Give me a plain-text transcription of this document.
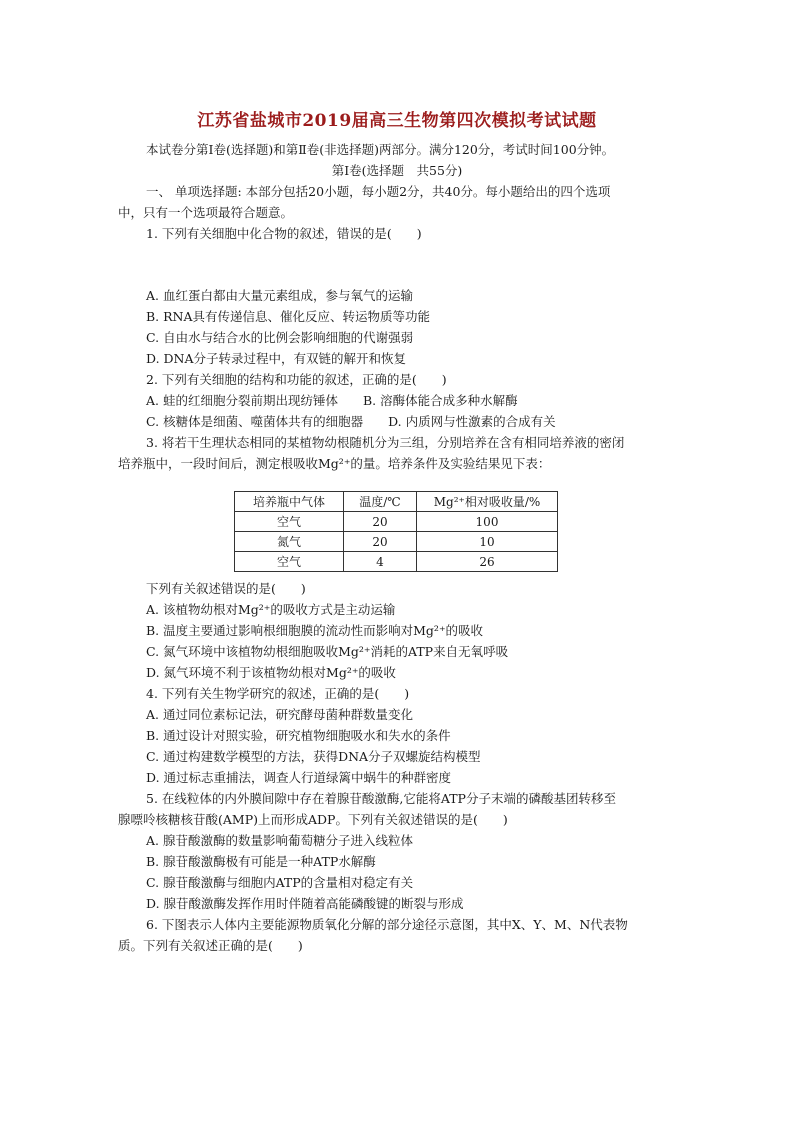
江苏省盐城市2019届高三生物第四次模拟考试试题
本试卷分第Ⅰ卷(选择题)和第Ⅱ卷(非选择题)两部分。满分120分，考试时间100分钟。
第Ⅰ卷(选择题　共55分)
一、 单项选择题: 本部分包括20小题，每小题2分，共40分。每小题给出的四个选项
中，只有一个选项最符合题意。
1. 下列有关细胞中化合物的叙述，错误的是(　　)
A. 血红蛋白都由大量元素组成，参与氧气的运输
B. RNA具有传递信息、催化反应、转运物质等功能
C. 自由水与结合水的比例会影响细胞的代谢强弱
D. DNA分子转录过程中，有双链的解开和恢复
2. 下列有关细胞的结构和功能的叙述，正确的是(　　)
A. 蛙的红细胞分裂前期出现纺锤体　　B. 溶酶体能合成多种水解酶
C. 核糖体是细菌、噬菌体共有的细胞器　　D. 内质网与性激素的合成有关
3. 将若干生理状态相同的某植物幼根随机分为三组，分别培养在含有相同培养液的密闭
培养瓶中，一段时间后，测定根吸收Mg²⁺的量。培养条件及实验结果见下表：
培养瓶中气体	温度/℃	Mg²⁺相对吸收量/%
空气	20	100
氮气	20	10
空气	4	26
下列有关叙述错误的是(　　)
A. 该植物幼根对Mg²⁺的吸收方式是主动运输
B. 温度主要通过影响根细胞膜的流动性而影响对Mg²⁺的吸收
C. 氮气环境中该植物幼根细胞吸收Mg²⁺消耗的ATP来自无氧呼吸
D. 氮气环境不利于该植物幼根对Mg²⁺的吸收
4. 下列有关生物学研究的叙述，正确的是(　　)
A. 通过同位素标记法，研究酵母菌种群数量变化
B. 通过设计对照实验，研究植物细胞吸水和失水的条件
C. 通过构建数学模型的方法，获得DNA分子双螺旋结构模型
D. 通过标志重捕法，调查人行道绿篱中蜗牛的种群密度
5. 在线粒体的内外膜间隙中存在着腺苷酸激酶,它能将ATP分子末端的磷酸基团转移至
腺嘌呤核糖核苷酸(AMP)上而形成ADP。下列有关叙述错误的是(　　)
A. 腺苷酸激酶的数量影响葡萄糖分子进入线粒体
B. 腺苷酸激酶极有可能是一种ATP水解酶
C. 腺苷酸激酶与细胞内ATP的含量相对稳定有关
D. 腺苷酸激酶发挥作用时伴随着高能磷酸键的断裂与形成
6. 下图表示人体内主要能源物质氧化分解的部分途径示意图，其中X、Y、M、N代表物
质。下列有关叙述正确的是(　　)
